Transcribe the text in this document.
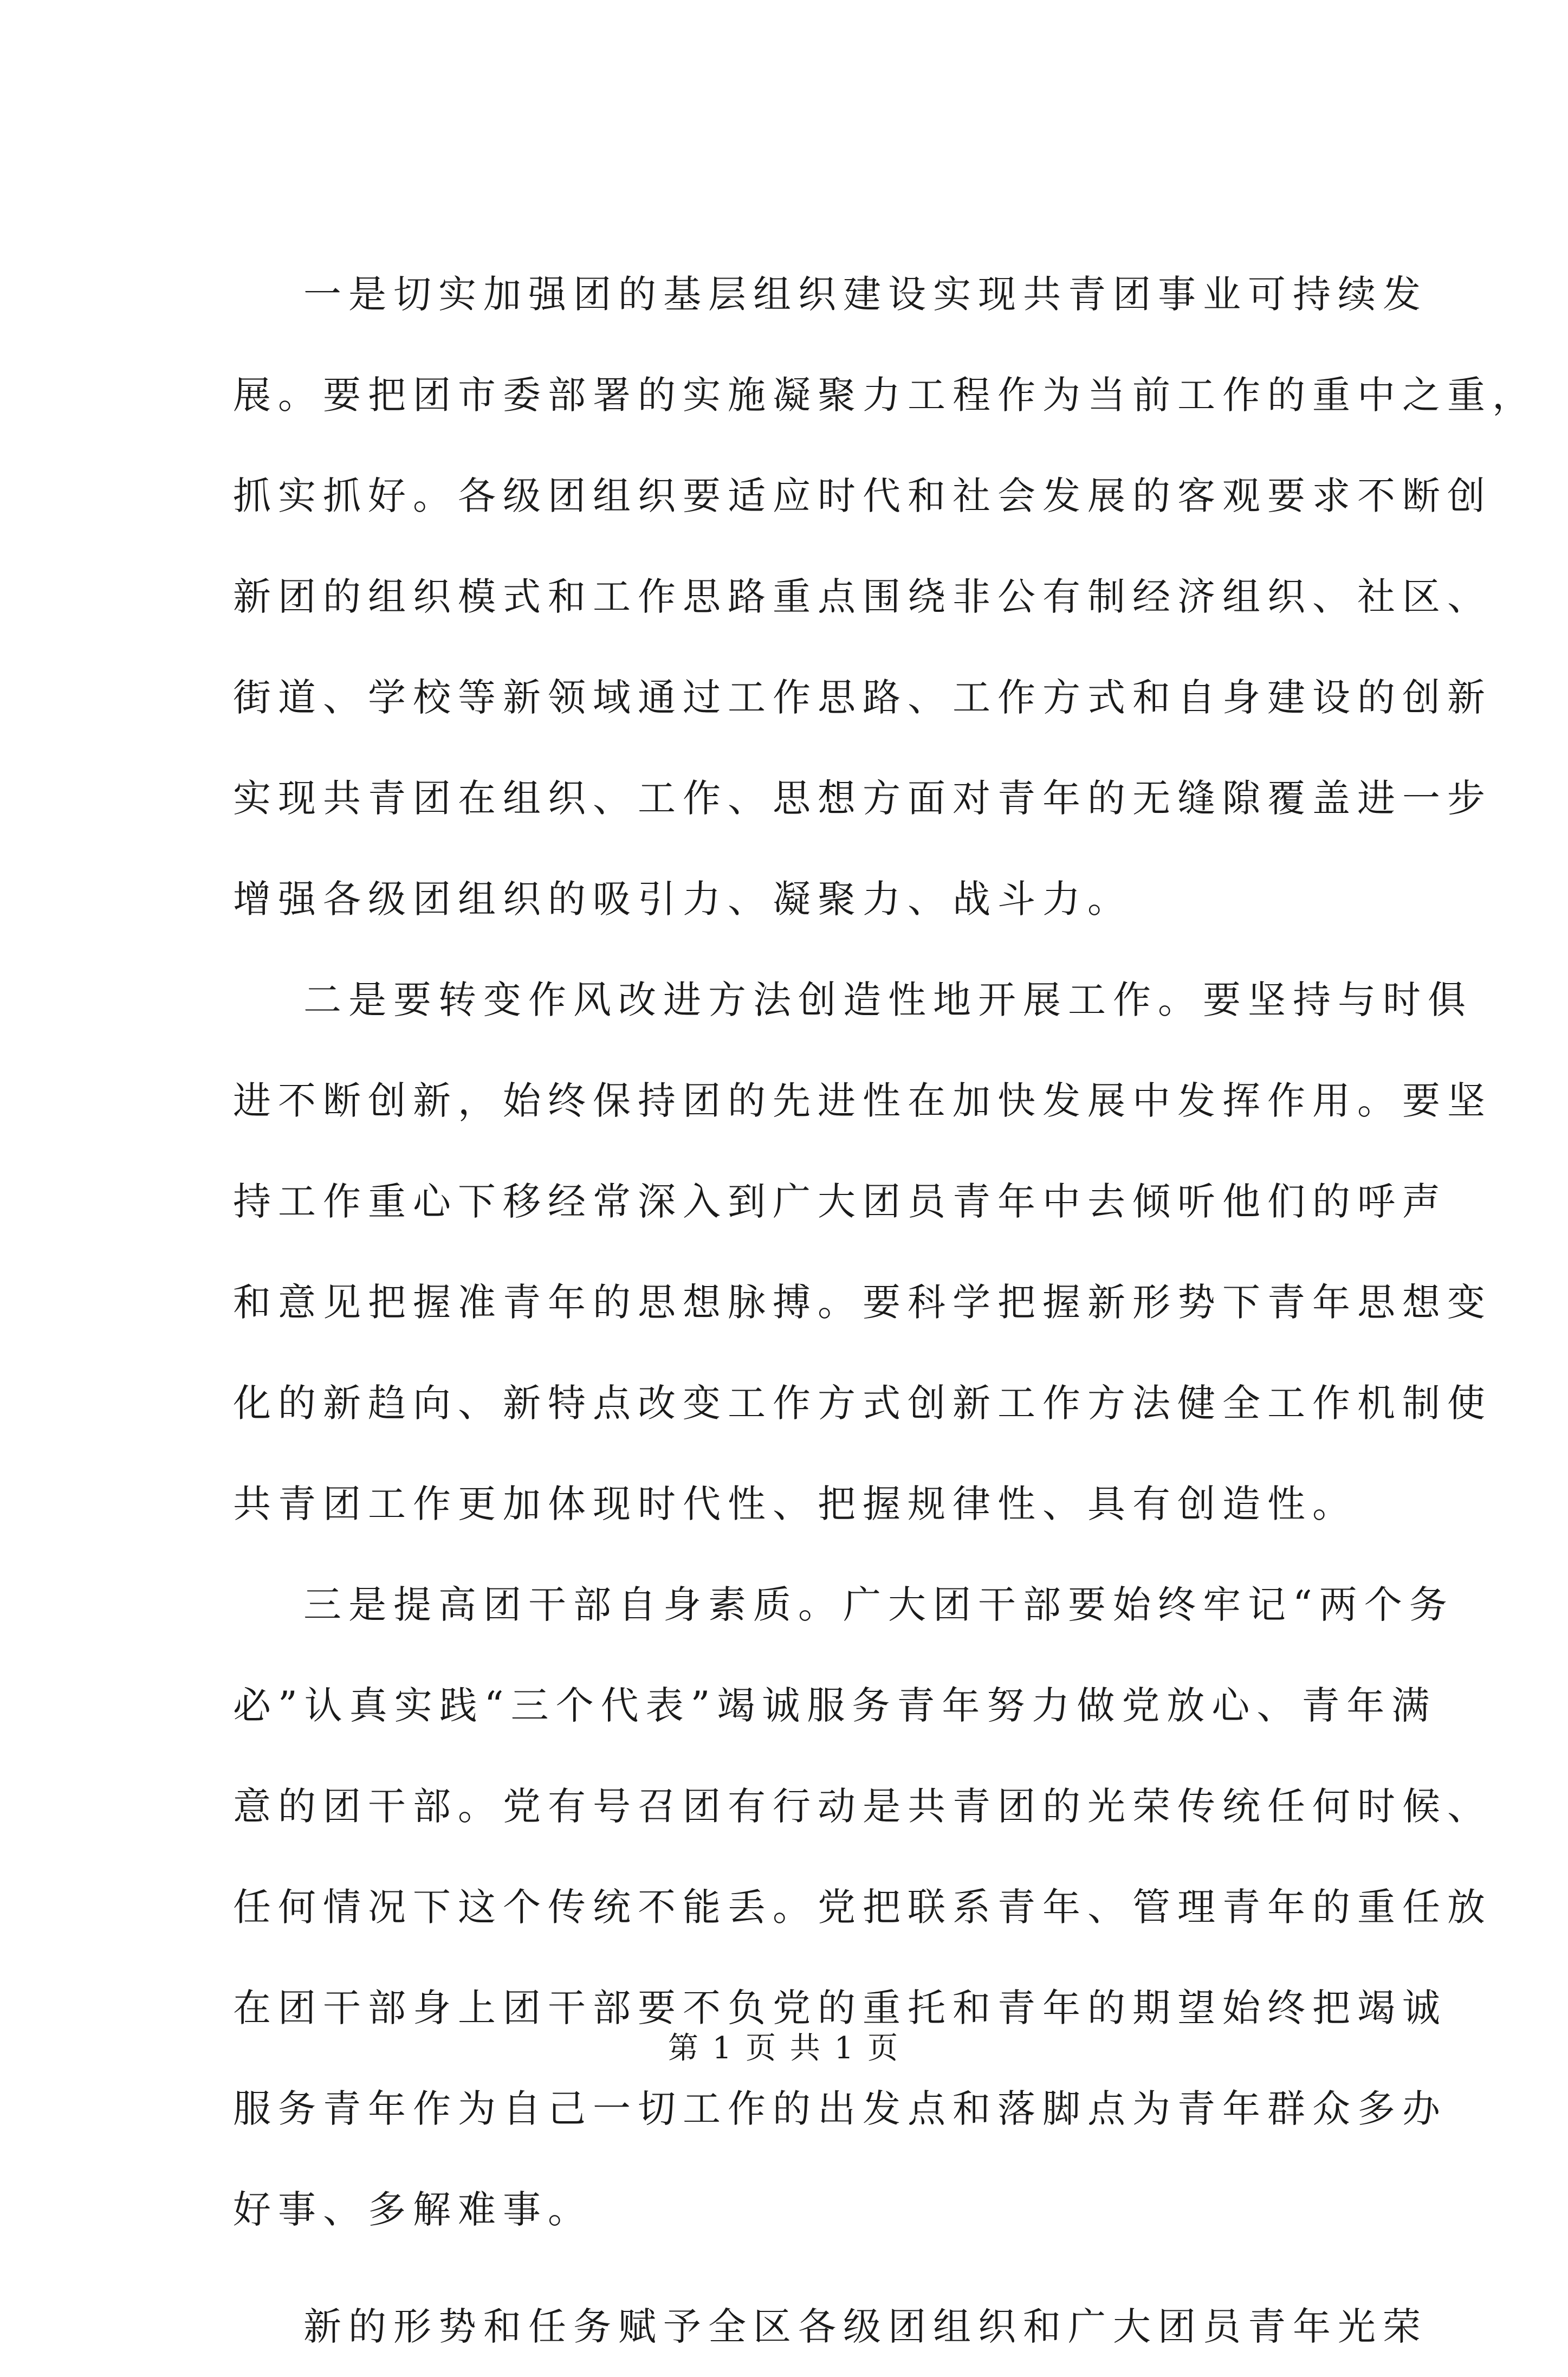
一是切实加强团的基层组织建设实现共青团事业可持续发
展。要把团市委部署的实施凝聚力工程作为当前工作的重中之重，
抓实抓好。各级团组织要适应时代和社会发展的客观要求不断创
新团的组织模式和工作思路重点围绕非公有制经济组织、社区、
街道、学校等新领域通过工作思路、工作方式和自身建设的创新
实现共青团在组织、工作、思想方面对青年的无缝隙覆盖进一步
增强各级团组织的吸引力、凝聚力、战斗力。
二是要转变作风改进方法创造性地开展工作。要坚持与时俱
进不断创新，始终保持团的先进性在加快发展中发挥作用。要坚
持工作重心下移经常深入到广大团员青年中去倾听他们的呼声
和意见把握准青年的思想脉搏。要科学把握新形势下青年思想变
化的新趋向、新特点改变工作方式创新工作方法健全工作机制使
共青团工作更加体现时代性、把握规律性、具有创造性。
三是提高团干部自身素质。广大团干部要始终牢记“两个务
必”认真实践“三个代表”竭诚服务青年努力做党放心、青年满
意的团干部。党有号召团有行动是共青团的光荣传统任何时候、
任何情况下这个传统不能丢。党把联系青年、管理青年的重任放
在团干部身上团干部要不负党的重托和青年的期望始终把竭诚
服务青年作为自己一切工作的出发点和落脚点为青年群众多办
好事、多解难事。
新的形势和任务赋予全区各级团组织和广大团员青年光荣
第 1 页 共 1 页
